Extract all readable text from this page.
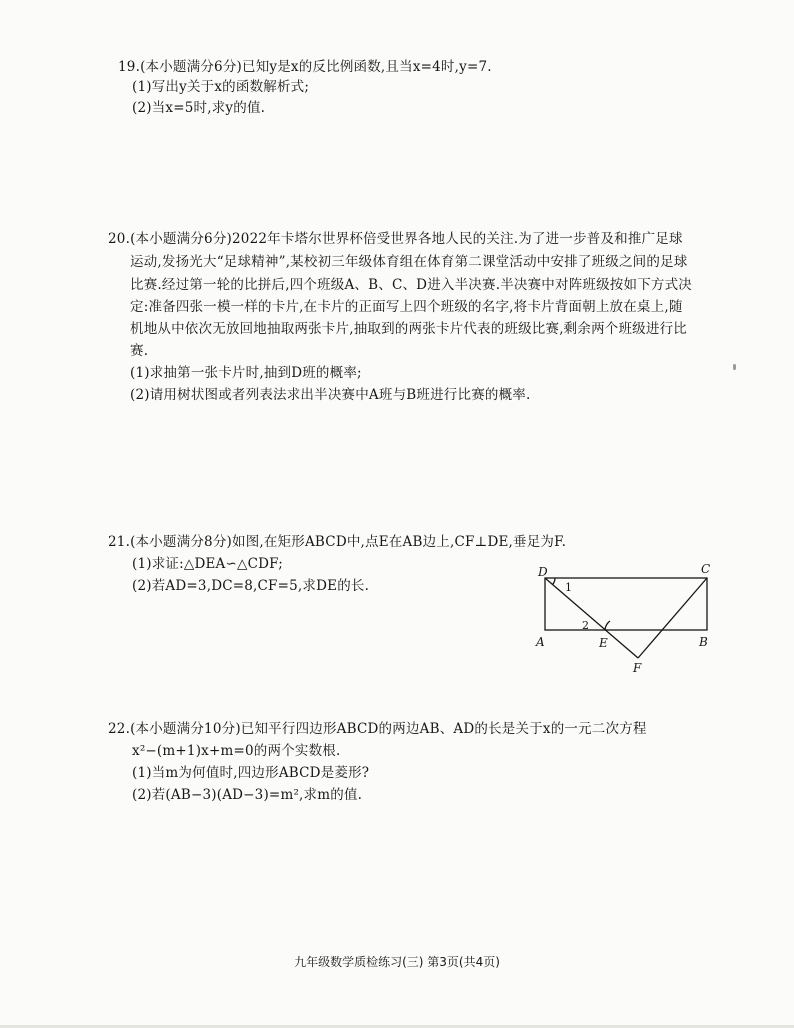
19.(本小题满分6分)已知y是x的反比例函数,且当x=4时,y=7.
(1)写出y关于x的函数解析式;
(2)当x=5时,求y的值.
20.(本小题满分6分)2022年卡塔尔世界杯倍受世界各地人民的关注.为了进一步普及和推广足球
运动,发扬光大“足球精神”,某校初三年级体育组在体育第二课堂活动中安排了班级之间的足球
比赛.经过第一轮的比拼后,四个班级A、B、C、D进入半决赛.半决赛中对阵班级按如下方式决
定:准备四张一模一样的卡片,在卡片的正面写上四个班级的名字,将卡片背面朝上放在桌上,随
机地从中依次无放回地抽取两张卡片,抽取到的两张卡片代表的班级比赛,剩余两个班级进行比
赛.
(1)求抽第一张卡片时,抽到D班的概率;
(2)请用树状图或者列表法求出半决赛中A班与B班进行比赛的概率.
21.(本小题满分8分)如图,在矩形ABCD中,点E在AB边上,CF⊥DE,垂足为F.
(1)求证:△DEA∽△CDF;
(2)若AD=3,DC=8,CF=5,求DE的长.
D	C
A	E	B
F
1
2
22.(本小题满分10分)已知平行四边形ABCD的两边AB、AD的长是关于x的一元二次方程
x²−(m+1)x+m=0的两个实数根.
(1)当m为何值时,四边形ABCD是菱形?
(2)若(AB−3)(AD−3)=m²,求m的值.
九年级数学质检练习(三) 第3页(共4页)
